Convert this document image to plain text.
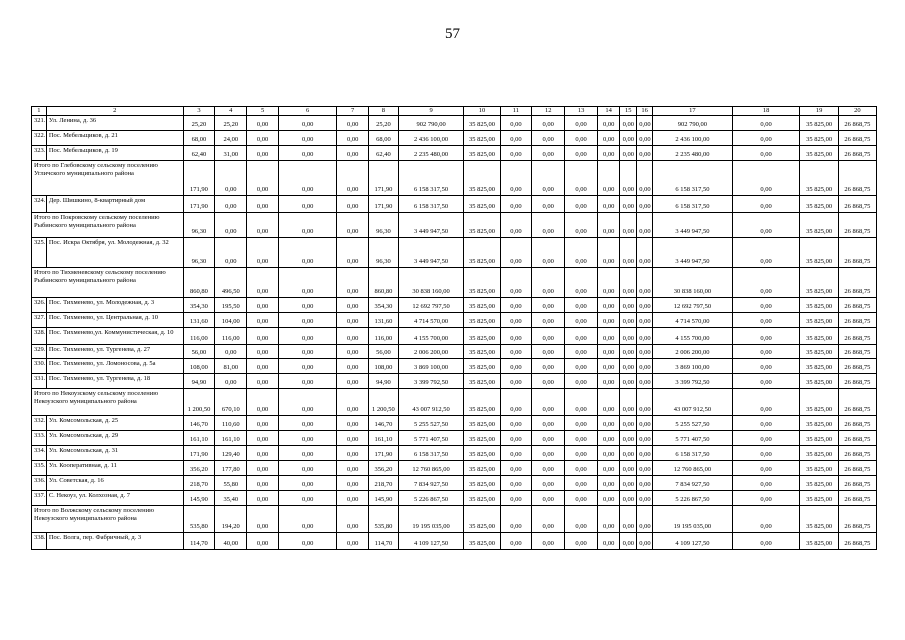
57
1	2	3	4	5	6	7	8	9	10	11	12	13	14	15	16	17	18	19	20
321.	Ул. Ленина, д. 36	25,20	25,20	0,00	0,00	0,00	25,20	902 790,00	35 825,00	0,00	0,00	0,00	0,00	0,00	0,00	902 790,00	0,00	35 825,00	26 868,75
322.	Пос. Мебельщиков, д. 21	68,00	24,00	0,00	0,00	0,00	68,00	2 436 100,00	35 825,00	0,00	0,00	0,00	0,00	0,00	0,00	2 436 100,00	0,00	35 825,00	26 868,75
323.	Пос. Мебельщиков, д. 19	62,40	31,00	0,00	0,00	0,00	62,40	2 235 480,00	35 825,00	0,00	0,00	0,00	0,00	0,00	0,00	2 235 480,00	0,00	35 825,00	26 868,75
Итого по Глебовскому сельскому поселению Угличского муниципального района		171,90	0,00	0,00	0,00	0,00	171,90	6 158 317,50	35 825,00	0,00	0,00	0,00	0,00	0,00	0,00	6 158 317,50	0,00	35 825,00	26 868,75
324.	Дер. Шишкино, 8-квартирный дом	171,90	0,00	0,00	0,00	0,00	171,90	6 158 317,50	35 825,00	0,00	0,00	0,00	0,00	0,00	0,00	6 158 317,50	0,00	35 825,00	26 868,75
Итого по Покровскому сельскому поселению Рыбинского муниципального района		96,30	0,00	0,00	0,00	0,00	96,30	3 449 947,50	35 825,00	0,00	0,00	0,00	0,00	0,00	0,00	3 449 947,50	0,00	35 825,00	26 868,75
325.	Пос. Искра Октября, ул. Молодежная, д. 32	96,30	0,00	0,00	0,00	0,00	96,30	3 449 947,50	35 825,00	0,00	0,00	0,00	0,00	0,00	0,00	3 449 947,50	0,00	35 825,00	26 868,75
Итого по Тихменевскому сельскому поселению Рыбинского муниципального района		860,80	496,50	0,00	0,00	0,00	860,80	30 838 160,00	35 825,00	0,00	0,00	0,00	0,00	0,00	0,00	30 838 160,00	0,00	35 825,00	26 868,75
326.	Пос. Тихменево, ул. Молодежная, д. 3	354,30	195,50	0,00	0,00	0,00	354,30	12 692 797,50	35 825,00	0,00	0,00	0,00	0,00	0,00	0,00	12 692 797,50	0,00	35 825,00	26 868,75
327.	Пос. Тихменево, ул. Центральная, д. 10	131,60	104,00	0,00	0,00	0,00	131,60	4 714 570,00	35 825,00	0,00	0,00	0,00	0,00	0,00	0,00	4 714 570,00	0,00	35 825,00	26 868,75
328.	Пос. Тихменево,ул. Коммунистическая, д. 10	116,00	116,00	0,00	0,00	0,00	116,00	4 155 700,00	35 825,00	0,00	0,00	0,00	0,00	0,00	0,00	4 155 700,00	0,00	35 825,00	26 868,75
329.	Пос. Тихменево, ул. Тургенева, д. 27	56,00	0,00	0,00	0,00	0,00	56,00	2 006 200,00	35 825,00	0,00	0,00	0,00	0,00	0,00	0,00	2 006 200,00	0,00	35 825,00	26 868,75
330.	Пос. Тихменево, ул. Ломоносова, д. 5а	108,00	81,00	0,00	0,00	0,00	108,00	3 869 100,00	35 825,00	0,00	0,00	0,00	0,00	0,00	0,00	3 869 100,00	0,00	35 825,00	26 868,75
331.	Пос. Тихменево, ул. Тургенева, д. 18	94,90	0,00	0,00	0,00	0,00	94,90	3 399 792,50	35 825,00	0,00	0,00	0,00	0,00	0,00	0,00	3 399 792,50	0,00	35 825,00	26 868,75
Итого по Некоузскому сельскому поселению Некоузского муниципального района		1 200,50	670,10	0,00	0,00	0,00	1 200,50	43 007 912,50	35 825,00	0,00	0,00	0,00	0,00	0,00	0,00	43 007 912,50	0,00	35 825,00	26 868,75
332.	Ул. Комсомольская, д. 25	146,70	110,60	0,00	0,00	0,00	146,70	5 255 527,50	35 825,00	0,00	0,00	0,00	0,00	0,00	0,00	5 255 527,50	0,00	35 825,00	26 868,75
333.	Ул. Комсомольская, д. 29	161,10	161,10	0,00	0,00	0,00	161,10	5 771 407,50	35 825,00	0,00	0,00	0,00	0,00	0,00	0,00	5 771 407,50	0,00	35 825,00	26 868,75
334.	Ул. Комсомольская, д. 31	171,90	129,40	0,00	0,00	0,00	171,90	6 158 317,50	35 825,00	0,00	0,00	0,00	0,00	0,00	0,00	6 158 317,50	0,00	35 825,00	26 868,75
335.	Ул. Кооперативная, д. 11	356,20	177,80	0,00	0,00	0,00	356,20	12 760 865,00	35 825,00	0,00	0,00	0,00	0,00	0,00	0,00	12 760 865,00	0,00	35 825,00	26 868,75
336.	Ул. Советская, д. 16	218,70	55,80	0,00	0,00	0,00	218,70	7 834 927,50	35 825,00	0,00	0,00	0,00	0,00	0,00	0,00	7 834 927,50	0,00	35 825,00	26 868,75
337.	С. Некоуз, ул. Колхозная, д. 7	145,90	35,40	0,00	0,00	0,00	145,90	5 226 867,50	35 825,00	0,00	0,00	0,00	0,00	0,00	0,00	5 226 867,50	0,00	35 825,00	26 868,75
Итого по Волжскому сельскому поселению Некоузского муниципального района		535,80	194,20	0,00	0,00	0,00	535,80	19 195 035,00	35 825,00	0,00	0,00	0,00	0,00	0,00	0,00	19 195 035,00	0,00	35 825,00	26 868,75
338.	Пос. Волга, пер. Фабричный, д. 3	114,70	40,00	0,00	0,00	0,00	114,70	4 109 127,50	35 825,00	0,00	0,00	0,00	0,00	0,00	0,00	4 109 127,50	0,00	35 825,00	26 868,75
